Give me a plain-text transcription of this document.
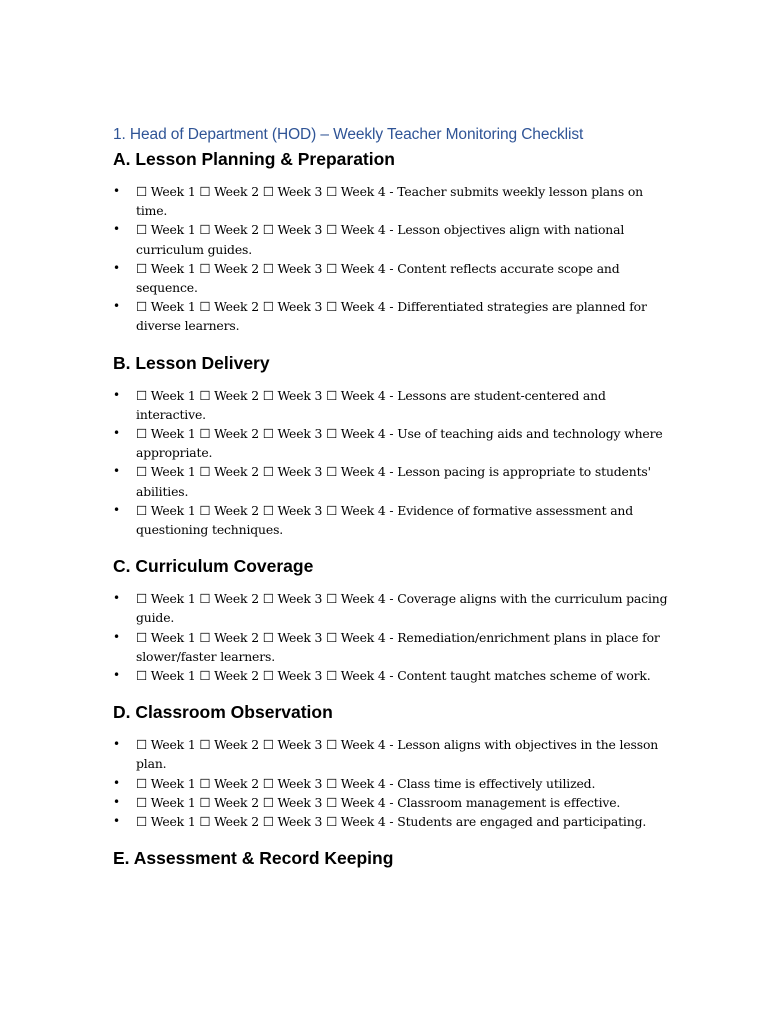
1. Head of Department (HOD) – Weekly Teacher Monitoring Checklist
A. Lesson Planning & Preparation
• ☐ Week 1 ☐ Week 2 ☐ Week 3 ☐ Week 4 - Teacher submits weekly lesson plans on time.
• ☐ Week 1 ☐ Week 2 ☐ Week 3 ☐ Week 4 - Lesson objectives align with national curriculum guides.
• ☐ Week 1 ☐ Week 2 ☐ Week 3 ☐ Week 4 - Content reflects accurate scope and sequence.
• ☐ Week 1 ☐ Week 2 ☐ Week 3 ☐ Week 4 - Differentiated strategies are planned for diverse learners.
B. Lesson Delivery
• ☐ Week 1 ☐ Week 2 ☐ Week 3 ☐ Week 4 - Lessons are student-centered and interactive.
• ☐ Week 1 ☐ Week 2 ☐ Week 3 ☐ Week 4 - Use of teaching aids and technology where appropriate.
• ☐ Week 1 ☐ Week 2 ☐ Week 3 ☐ Week 4 - Lesson pacing is appropriate to students' abilities.
• ☐ Week 1 ☐ Week 2 ☐ Week 3 ☐ Week 4 - Evidence of formative assessment and questioning techniques.
C. Curriculum Coverage
• ☐ Week 1 ☐ Week 2 ☐ Week 3 ☐ Week 4 - Coverage aligns with the curriculum pacing guide.
• ☐ Week 1 ☐ Week 2 ☐ Week 3 ☐ Week 4 - Remediation/enrichment plans in place for slower/faster learners.
• ☐ Week 1 ☐ Week 2 ☐ Week 3 ☐ Week 4 - Content taught matches scheme of work.
D. Classroom Observation
• ☐ Week 1 ☐ Week 2 ☐ Week 3 ☐ Week 4 - Lesson aligns with objectives in the lesson plan.
• ☐ Week 1 ☐ Week 2 ☐ Week 3 ☐ Week 4 - Class time is effectively utilized.
• ☐ Week 1 ☐ Week 2 ☐ Week 3 ☐ Week 4 - Classroom management is effective.
• ☐ Week 1 ☐ Week 2 ☐ Week 3 ☐ Week 4 - Students are engaged and participating.
E. Assessment & Record Keeping
